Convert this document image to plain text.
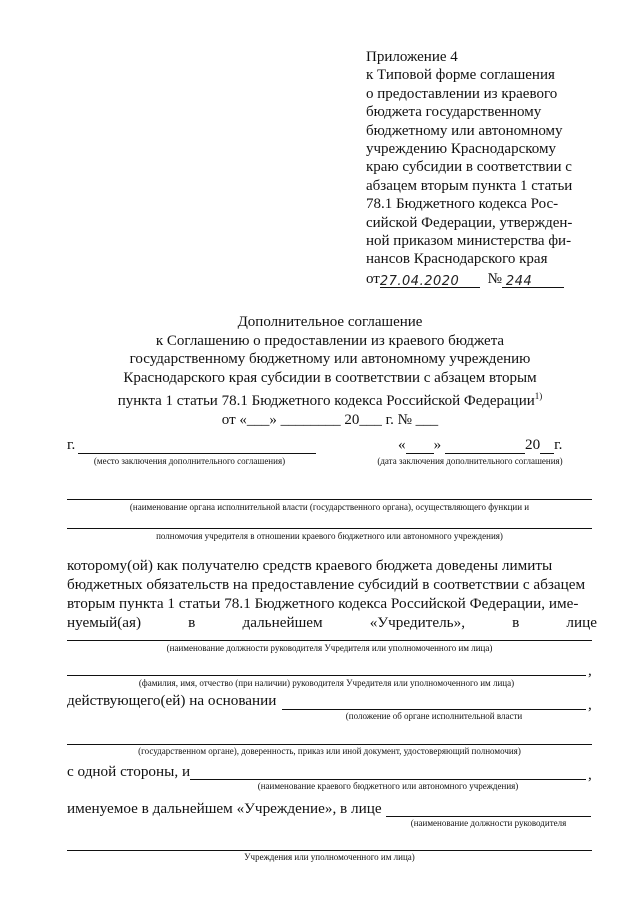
Приложение 4
к Типовой форме соглашения
о предоставлении из краевого
бюджета государственному
бюджетному или автономному
учреждению Краснодарскому
краю субсидии в соответствии с
абзацем вторым пункта 1 статьи
78.1 Бюджетного кодекса Рос-
сийской Федерации, утвержден-
ной приказом министерства фи-
нансов Краснодарского края
от27.04.2020 № 244
Дополнительное соглашение
к Соглашению о предоставлении из краевого бюджета
государственному бюджетному или автономному учреждению
Краснодарского края субсидии в соответствии с абзацем вторым
пункта 1 статьи 78.1 Бюджетного кодекса Российской Федерации$^{1)}$
от «___» ________ 20___ г. № ___
г.
(место заключения дополнительного соглашения)
« »	20 г.
(дата заключения дополнительного соглашения)
(наименование органа исполнительной власти (государственного органа), осуществляющего функции и
полномочия учредителя в отношении краевого бюджетного или автономного учреждения)
которому(ой) как получателю средств краевого бюджета доведены лимиты
бюджетных обязательств на предоставление субсидий в соответствии с абзацем
вторым пункта 1 статьи 78.1 Бюджетного кодекса Российской Федерации, име-
нуемый(ая)	в	дальнейшем	«Учредитель»,	в	лице
(наименование должности руководителя Учредителя или уполномоченного им лица)
,
(фамилия, имя, отчество (при наличии) руководителя Учредителя или уполномоченного им лица)
действующего(ей) на основании	,
(положение об органе исполнительной власти
(государственном органе), доверенность, приказ или иной документ, удостоверяющий полномочия)
с одной стороны, и	,
(наименование краевого бюджетного или автономного учреждения)
именуемое в дальнейшем «Учреждение», в лице
(наименование должности руководителя
Учреждения или уполномоченного им лица)
